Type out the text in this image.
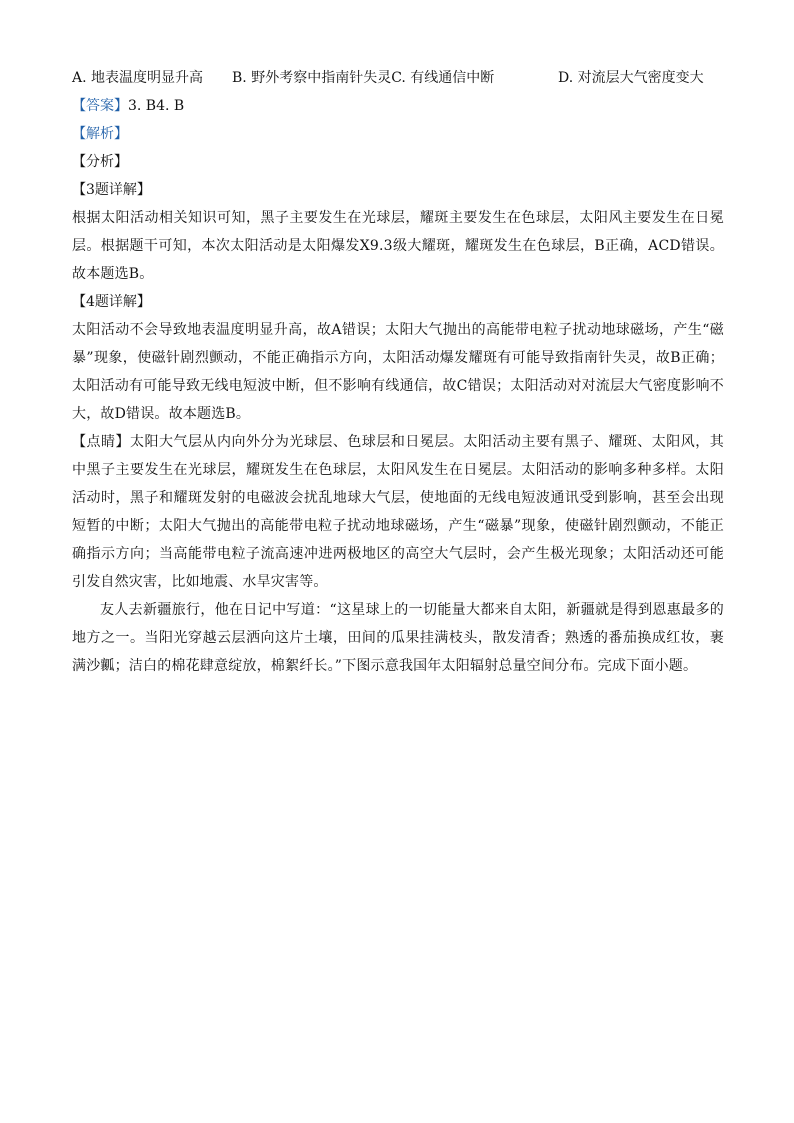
A. 地表温度明显升高 B. 野外考察中指南针失灵C. 有线通信中断	D. 对流层大气密度变大
【答案】3. B4. B
【解析】
【分析】
【3题详解】
根据太阳活动相关知识可知，黑子主要发生在光球层，耀斑主要发生在色球层，太阳风主要发生在日冕层。根据题干可知，本次太阳活动是太阳爆发X9.3级大耀斑，耀斑发生在色球层，B正确，ACD错误。故本题选B。
【4题详解】
太阳活动不会导致地表温度明显升高，故A错误；太阳大气抛出的高能带电粒子扰动地球磁场，产生“磁暴”现象，使磁针剧烈颤动，不能正确指示方向，太阳活动爆发耀斑有可能导致指南针失灵，故B正确；太阳活动有可能导致无线电短波中断，但不影响有线通信，故C错误；太阳活动对对流层大气密度影响不大，故D错误。故本题选B。
【点睛】太阳大气层从内向外分为光球层、色球层和日冕层。太阳活动主要有黑子、耀斑、太阳风，其中黑子主要发生在光球层，耀斑发生在色球层，太阳风发生在日冕层。太阳活动的影响多种多样。太阳活动时，黑子和耀斑发射的电磁波会扰乱地球大气层，使地面的无线电短波通讯受到影响，甚至会出现短暂的中断；太阳大气抛出的高能带电粒子扰动地球磁场，产生“磁暴”现象，使磁针剧烈颤动，不能正确指示方向；当高能带电粒子流高速冲进两极地区的高空大气层时，会产生极光现象；太阳活动还可能引发自然灾害，比如地震、水旱灾害等。
友人去新疆旅行，他在日记中写道：“这星球上的一切能量大都来自太阳，新疆就是得到恩惠最多的地方之一。当阳光穿越云层洒向这片土壤，田间的瓜果挂满枝头，散发清香；熟透的番茄换成红妆，裹满沙瓤；洁白的棉花肆意绽放，棉絮纤长。”下图示意我国年太阳辐射总量空间分布。完成下面小题。
